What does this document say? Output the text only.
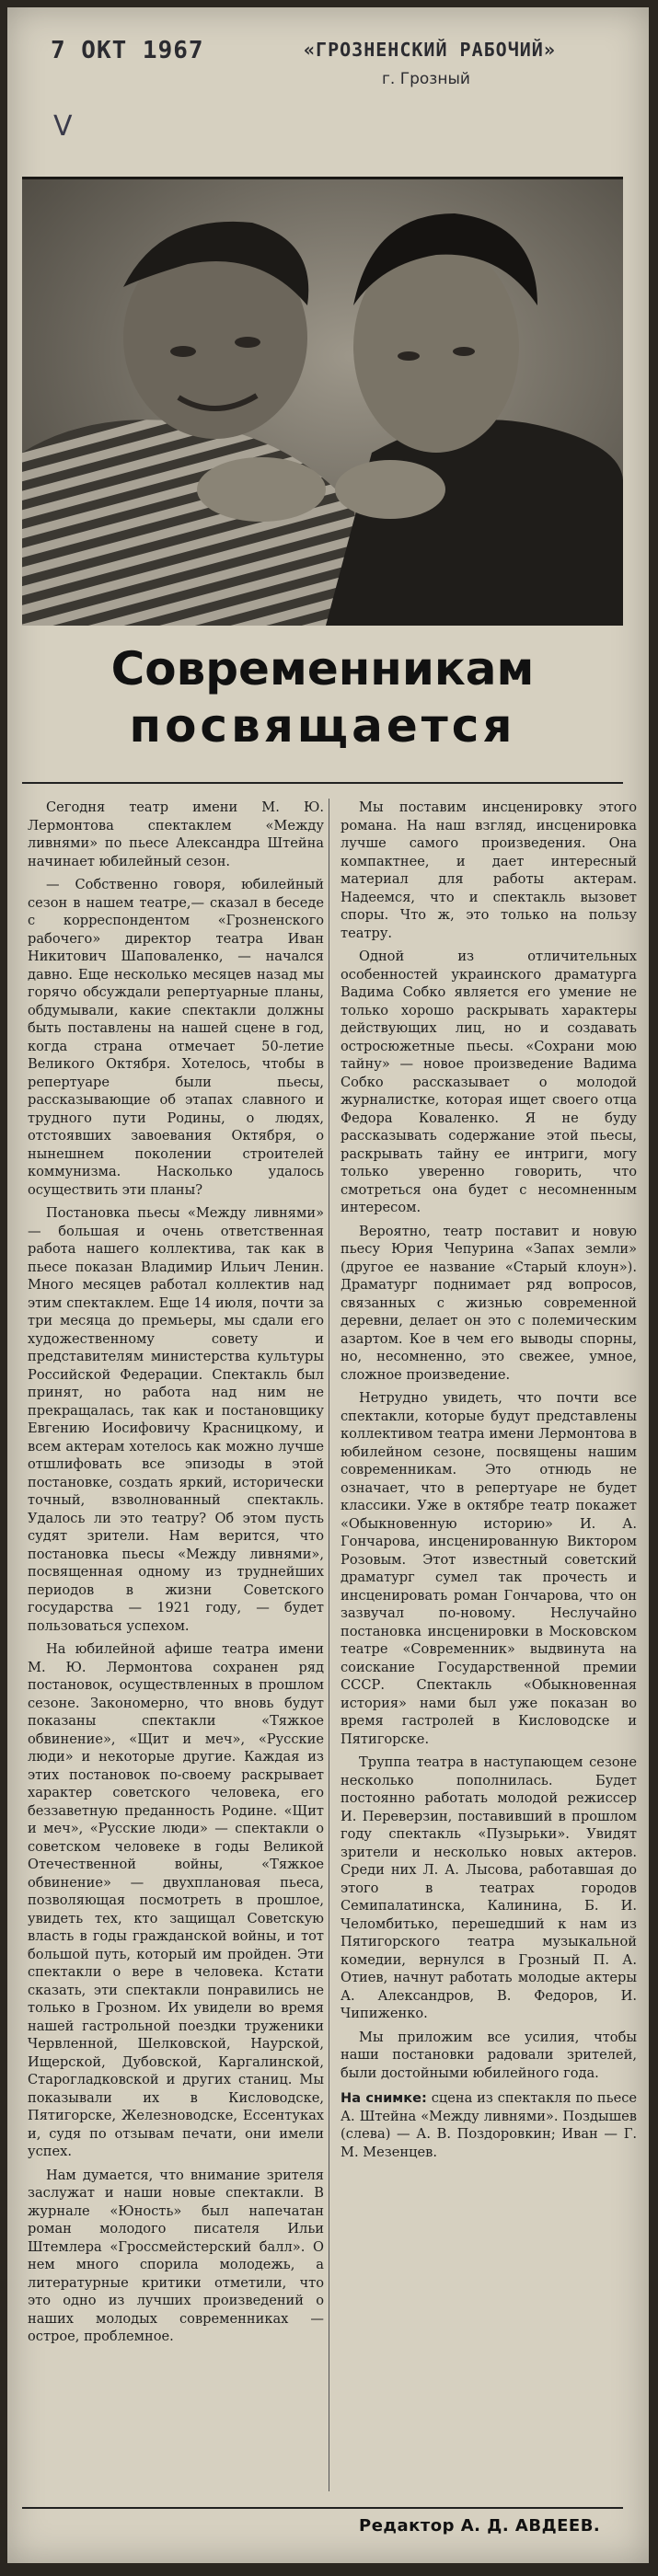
7 ОКТ 1967	«ГРОЗНЕНСКИЙ РАБОЧИЙ»
г. Грозный
V
Современникам
посвящается

Сегодня театр имени М. Ю. Лермонтова спектаклем «Между ливнями» по пьесе Александра Штейна начинает юбилейный сезон.

— Собственно говоря, юбилейный сезон в нашем театре,— сказал в беседе с корреспондентом «Грозненского рабочего» директор театра Иван Никитович Шаповаленко, — начался давно. Еще несколько месяцев назад мы горячо обсуждали репертуарные планы, обдумывали, какие спектакли должны быть поставлены на нашей сцене в год, когда страна отмечает 50-летие Великого Октября. Хотелось, чтобы в репертуаре были пьесы, рассказывающие об этапах славного и трудного пути Родины, о людях, отстоявших завоевания Октября, о нынешнем поколении строителей коммунизма. Насколько удалось осуществить эти планы?

Постановка пьесы «Между ливнями» — большая и очень ответственная работа нашего коллектива, так как в пьесе показан Владимир Ильич Ленин. Много месяцев работал коллектив над этим спектаклем. Еще 14 июля, почти за три месяца до премьеры, мы сдали его художественному совету и представителям министерства культуры Российской Федерации. Спектакль был принят, но работа над ним не прекращалась, так как и постановщику Евгению Иосифовичу Красницкому, и всем актерам хотелось как можно лучше отшлифовать все эпизоды в этой постановке, создать яркий, исторически точный, взволнованный спектакль. Удалось ли это театру? Об этом пусть судят зрители. Нам верится, что постановка пьесы «Между ливнями», посвященная одному из труднейших периодов в жизни Советского государства — 1921 году, — будет пользоваться успехом.

На юбилейной афише театра имени М. Ю. Лермонтова сохранен ряд постановок, осуществленных в прошлом сезоне. Закономерно, что вновь будут показаны спектакли «Тяжкое обвинение», «Щит и меч», «Русские люди» и некоторые другие. Каждая из этих постановок по-своему раскрывает характер советского человека, его беззаветную преданность Родине. «Щит и меч», «Русские люди» — спектакли о советском человеке в годы Великой Отечественной войны, «Тяжкое обвинение» — двухплановая пьеса, позволяющая посмотреть в прошлое, увидеть тех, кто защищал Советскую власть в годы гражданской войны, и тот большой путь, который им пройден. Эти спектакли о вере в человека. Кстати сказать, эти спектакли понравились не только в Грозном. Их увидели во время нашей гастрольной поездки труженики Червленной, Шелковской, Наурской, Ищерской, Дубовской, Каргалинской, Старогладковской и других станиц. Мы показывали их в Кисловодске, Пятигорске, Железноводске, Ессентуках и, судя по отзывам печати, они имели успех.

Нам думается, что внимание зрителя заслужат и наши новые спектакли. В журнале «Юность» был напечатан роман молодого писателя Ильи Штемлера «Гроссмейстерский балл». О нем много спорила молодежь, а литературные критики отметили, что это одно из лучших произведений о наших молодых современниках — острое, проблемное.

Мы поставим инсценировку этого романа. На наш взгляд, инсценировка лучше самого произведения. Она компактнее, и дает интересный материал для работы актерам. Надеемся, что и спектакль вызовет споры. Что ж, это только на пользу театру.

Одной из отличительных особенностей украинского драматурга Вадима Собко является его умение не только хорошо раскрывать характеры действующих лиц, но и создавать остросюжетные пьесы. «Сохрани мою тайну» — новое произведение Вадима Собко рассказывает о молодой журналистке, которая ищет своего отца Федора Коваленко. Я не буду рассказывать содержание этой пьесы, раскрывать тайну ее интриги, могу только уверенно говорить, что смотреться она будет с несомненным интересом.

Вероятно, театр поставит и новую пьесу Юрия Чепурина «Запах земли» (другое ее название «Старый клоун»). Драматург поднимает ряд вопросов, связанных с жизнью современной деревни, делает он это с полемическим азартом. Кое в чем его выводы спорны, но, несомненно, это свежее, умное, сложное произведение.

Нетрудно увидеть, что почти все спектакли, которые будут представлены коллективом театра имени Лермонтова в юбилейном сезоне, посвящены нашим современникам. Это отнюдь не означает, что в репертуаре не будет классики. Уже в октябре театр покажет «Обыкновенную историю» И. А. Гончарова, инсценированную Виктором Розовым. Этот известный советский драматург сумел так прочесть и инсценировать роман Гончарова, что он зазвучал по-новому. Неслучайно постановка инсценировки в Московском театре «Современник» выдвинута на соискание Государственной премии СССР. Спектакль «Обыкновенная история» нами был уже показан во время гастролей в Кисловодске и Пятигорске.

Труппа театра в наступающем сезоне несколько пополнилась. Будет постоянно работать молодой режиссер И. Переверзин, поставивший в прошлом году спектакль «Пузырьки». Увидят зрители и несколько новых актеров. Среди них Л. А. Лысова, работавшая до этого в театрах городов Семипалатинска, Калинина, Б. И. Челомбитько, перешедший к нам из Пятигорского театра музыкальной комедии, вернулся в Грозный П. А. Отиев, начнут работать молодые актеры А. Александров, В. Федоров, И. Чипиженко.

Мы приложим все усилия, чтобы наши постановки радовали зрителей, были достойными юбилейного года.

На снимке: сцена из спектакля по пьесе А. Штейна «Между ливнями». Поздышев (слева) — А. В. Поздоровкин; Иван — Г. М. Мезенцев.
Редактор А. Д. АВДЕЕВ.
